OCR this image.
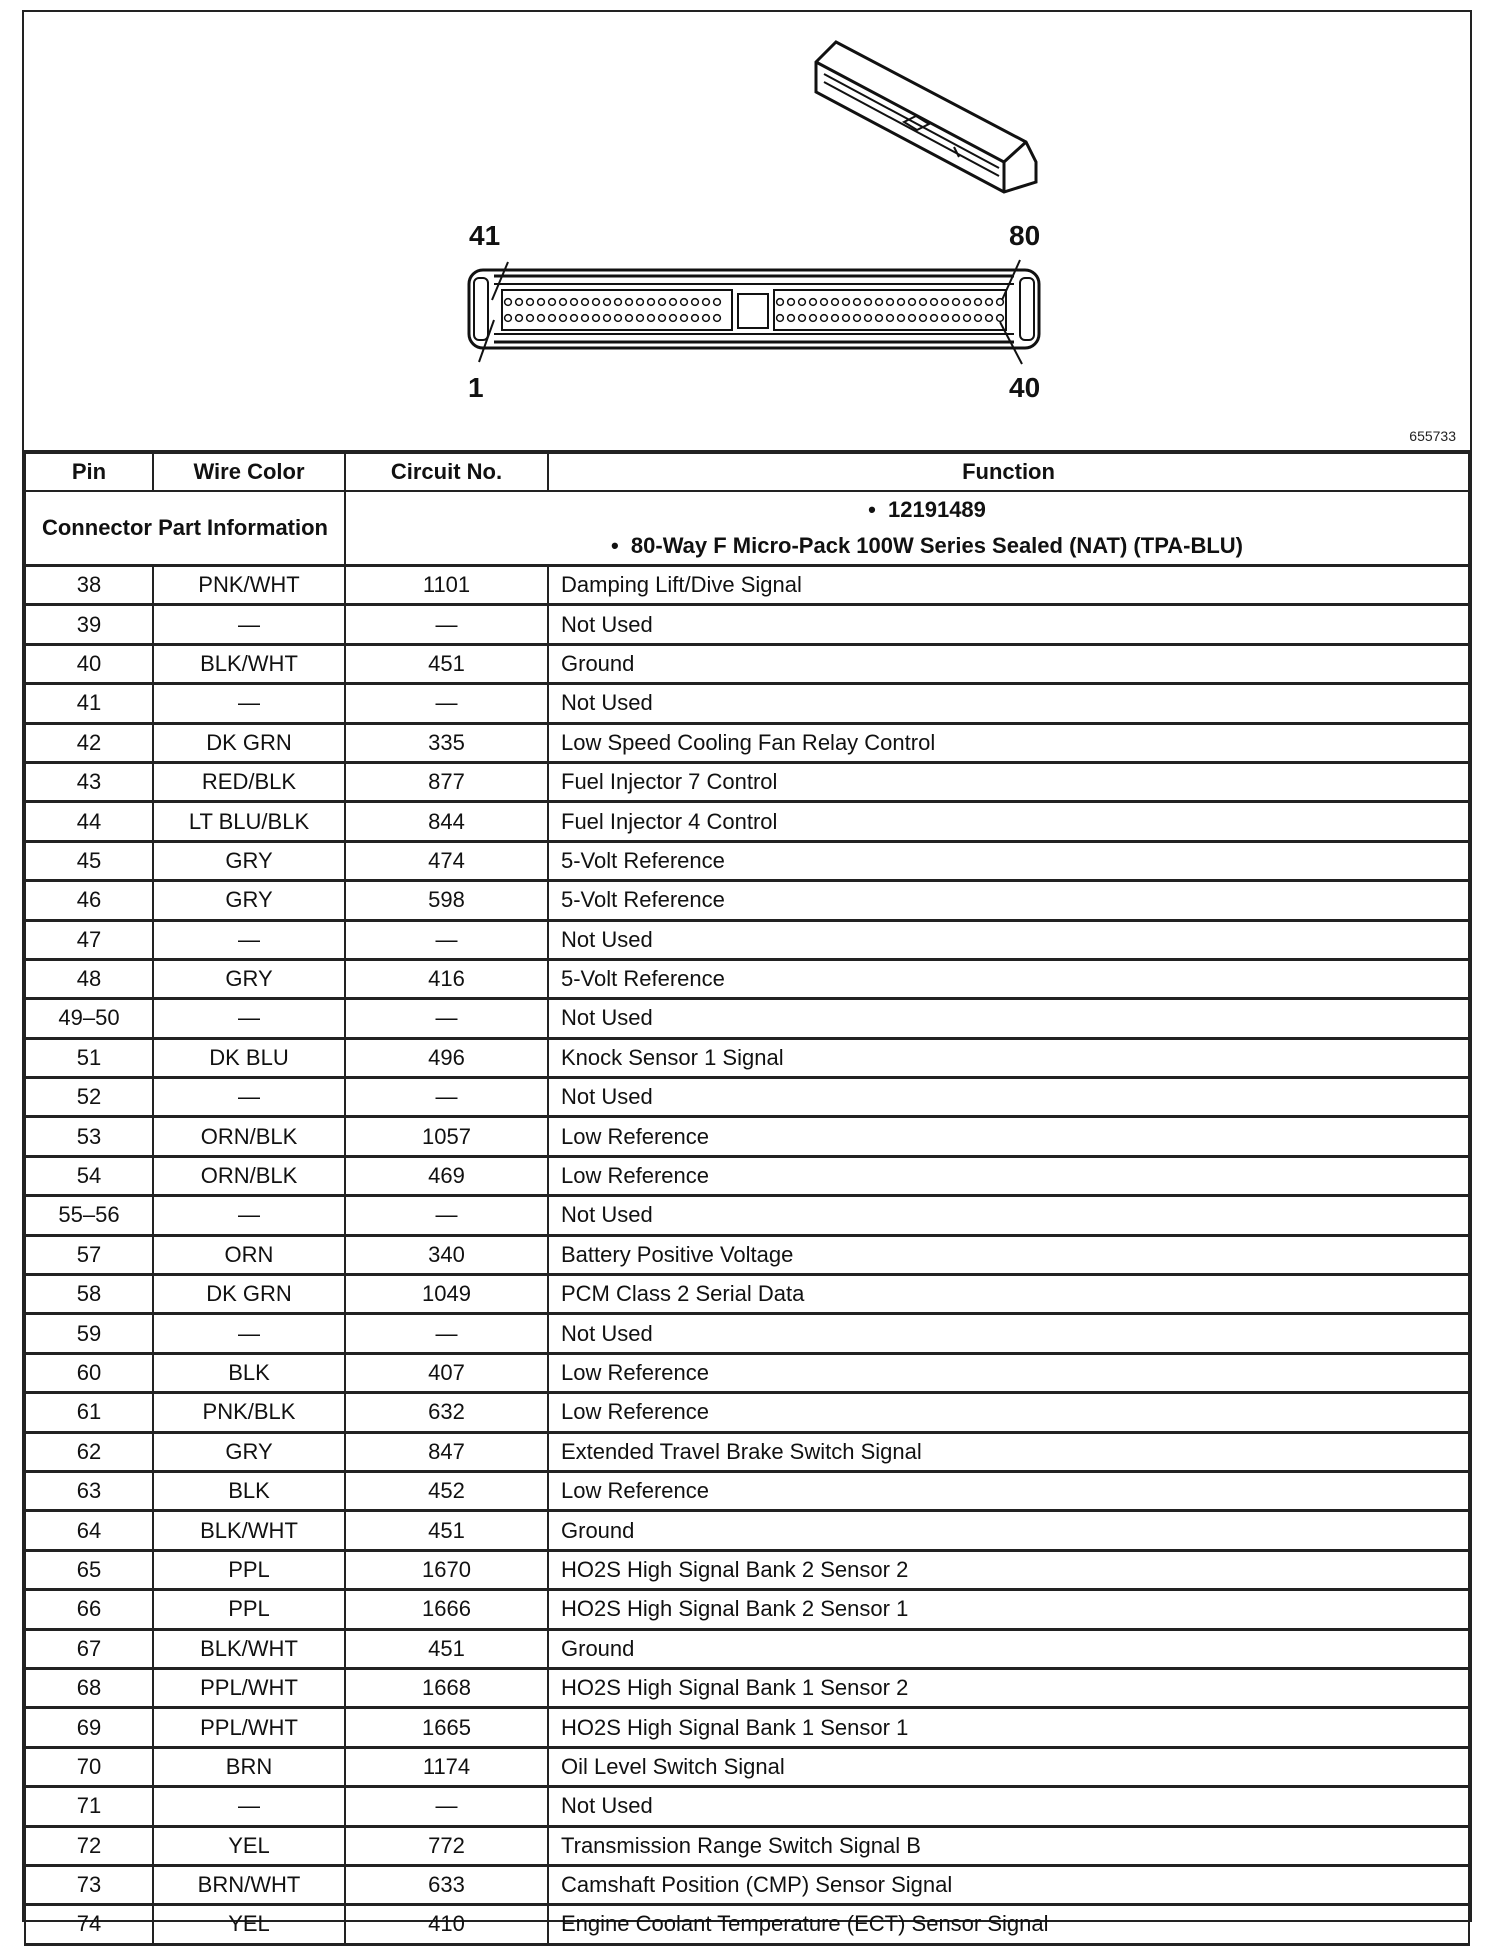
41	80
1	40
655733
Connector Part Information		•  12191489
•  80-Way F Micro-Pack 100W Series Sealed (NAT) (TPA-BLU)

Pin	Wire Color	Circuit No.	Function
38	PNK/WHT	1101	Damping Lift/Dive Signal
39	—	—	Not Used
40	BLK/WHT	451	Ground
41	—	—	Not Used
42	DK GRN	335	Low Speed Cooling Fan Relay Control
43	RED/BLK	877	Fuel Injector 7 Control
44	LT BLU/BLK	844	Fuel Injector 4 Control
45	GRY	474	5-Volt Reference
46	GRY	598	5-Volt Reference
47	—	—	Not Used
48	GRY	416	5-Volt Reference
49–50	—	—	Not Used
51	DK BLU	496	Knock Sensor 1 Signal
52	—	—	Not Used
53	ORN/BLK	1057	Low Reference
54	ORN/BLK	469	Low Reference
55–56	—	—	Not Used
57	ORN	340	Battery Positive Voltage
58	DK GRN	1049	PCM Class 2 Serial Data
59	—	—	Not Used
60	BLK	407	Low Reference
61	PNK/BLK	632	Low Reference
62	GRY	847	Extended Travel Brake Switch Signal
63	BLK	452	Low Reference
64	BLK/WHT	451	Ground
65	PPL	1670	HO2S High Signal Bank 2 Sensor 2
66	PPL	1666	HO2S High Signal Bank 2 Sensor 1
67	BLK/WHT	451	Ground
68	PPL/WHT	1668	HO2S High Signal Bank 1 Sensor 2
69	PPL/WHT	1665	HO2S High Signal Bank 1 Sensor 1
70	BRN	1174	Oil Level Switch Signal
71	—	—	Not Used
72	YEL	772	Transmission Range Switch Signal B
73	BRN/WHT	633	Camshaft Position (CMP) Sensor Signal
74	YEL	410	Engine Coolant Temperature (ECT) Sensor Signal
